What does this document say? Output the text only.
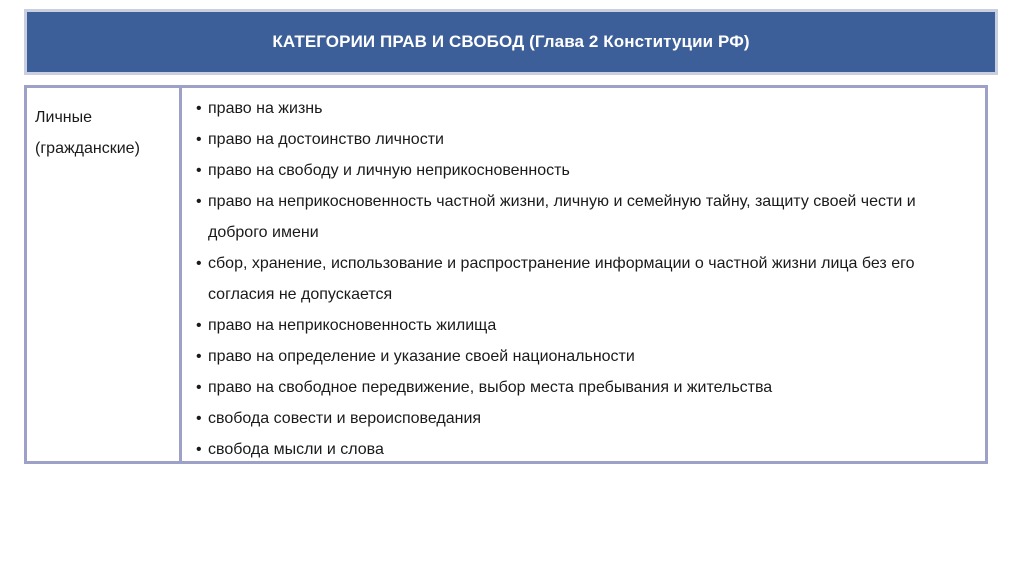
КАТЕГОРИИ ПРАВ И СВОБОД (Глава 2 Конституции РФ)
Личные
(гражданские)
• право на жизнь
• право на достоинство личности
• право на свободу и личную неприкосновенность
• право на неприкосновенность частной жизни, личную и семейную тайну, защиту своей чести и доброго имени
• сбор, хранение, использование и распространение информации о частной жизни лица без его согласия не допускается
• право на неприкосновенность жилища
• право на определение и указание своей национальности
• право на свободное передвижение, выбор места пребывания и жительства
• свобода совести и вероисповедания
• свобода мысли и слова
